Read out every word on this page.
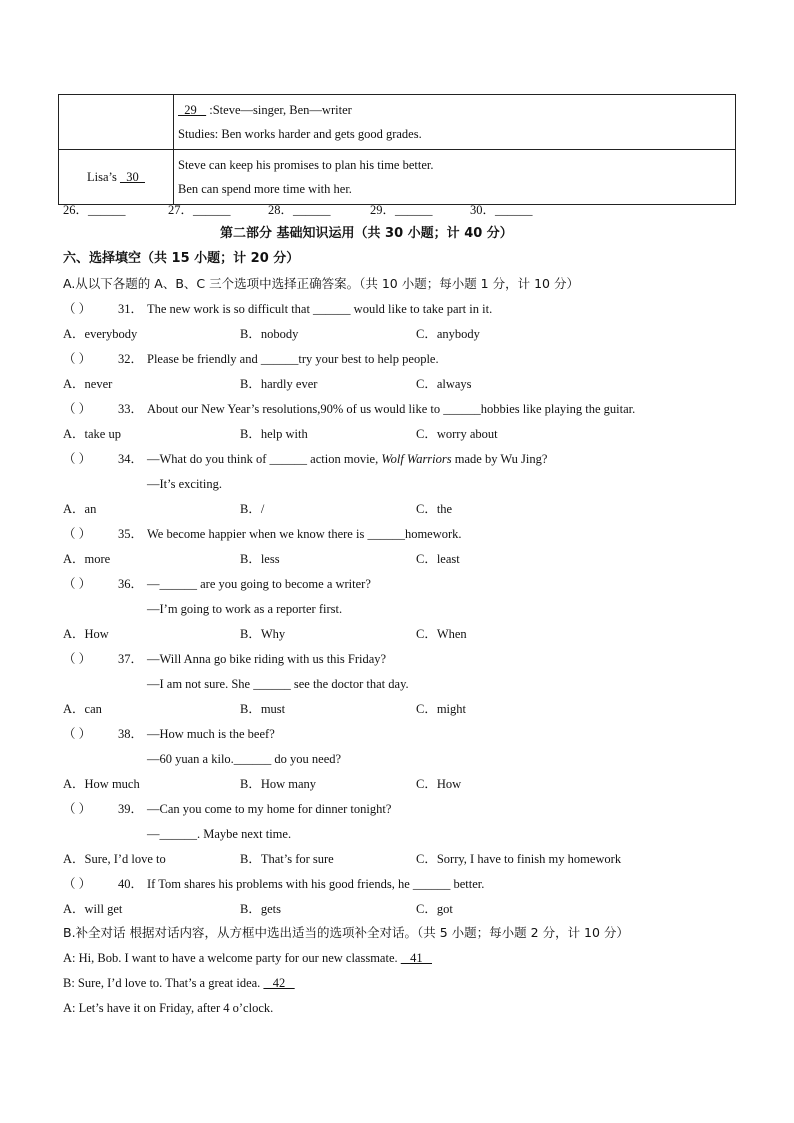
	29    :Steve—singer, Ben—writer
Studies: Ben works harder and gets good grades.

Lisa’s   30	Steve can keep his promises to plan his time better.
Ben can spend more time with her.
26．______	27．______	28．______	29．______	30．______
第二部分 基础知识运用（共 30 小题；计 40 分）
六、选择填空（共 15 小题；计 20 分）
A.从以下各题的 A、B、C 三个选项中选择正确答案。（共 10 小题；每小题 1 分，计 10 分）
（ ） 31． The new work is so difficult that ______ would like to take part in it.
A．everybody	B．nobody	C．anybody
（ ） 32． Please be friendly and ______try your best to help people.
A．never	B．hardly ever	C．always
（ ） 33． About our New Year’s resolutions,90% of us would like to ______hobbies like playing the guitar.
A．take up	B．help with	C．worry about
（ ） 34． —What do you think of ______ action movie, Wolf Warriors made by Wu Jing?
—It’s exciting.
A．an	B．/	C．the
（ ） 35． We become happier when we know there is ______homework.
A．more	B．less	C．least
（ ） 36． —______ are you going to become a writer?
—I’m going to work as a reporter first.
A．How	B．Why	C．When
（ ） 37． —Will Anna go bike riding with us this Friday?
—I am not sure. She ______ see the doctor that day.
A．can	B．must	C．might
（ ） 38． —How much is the beef?
—60 yuan a kilo.______ do you need?
A．How much	B．How many	C．How
（ ） 39． —Can you come to my home for dinner tonight?
—______. Maybe next time.
A．Sure, I’d love to	B．That’s for sure	C．Sorry, I have to finish my homework
（ ） 40． If Tom shares his problems with his good friends, he ______ better.
A．will get	B．gets	C．got
B.补全对话 根据对话内容，从方框中选出适当的选项补全对话。（共 5 小题；每小题 2 分，计 10 分）
A: Hi, Bob. I want to have a welcome party for our new classmate.    41
B: Sure, I’d love to. That’s a great idea.    42
A: Let’s have it on Friday, after 4 o’clock.
